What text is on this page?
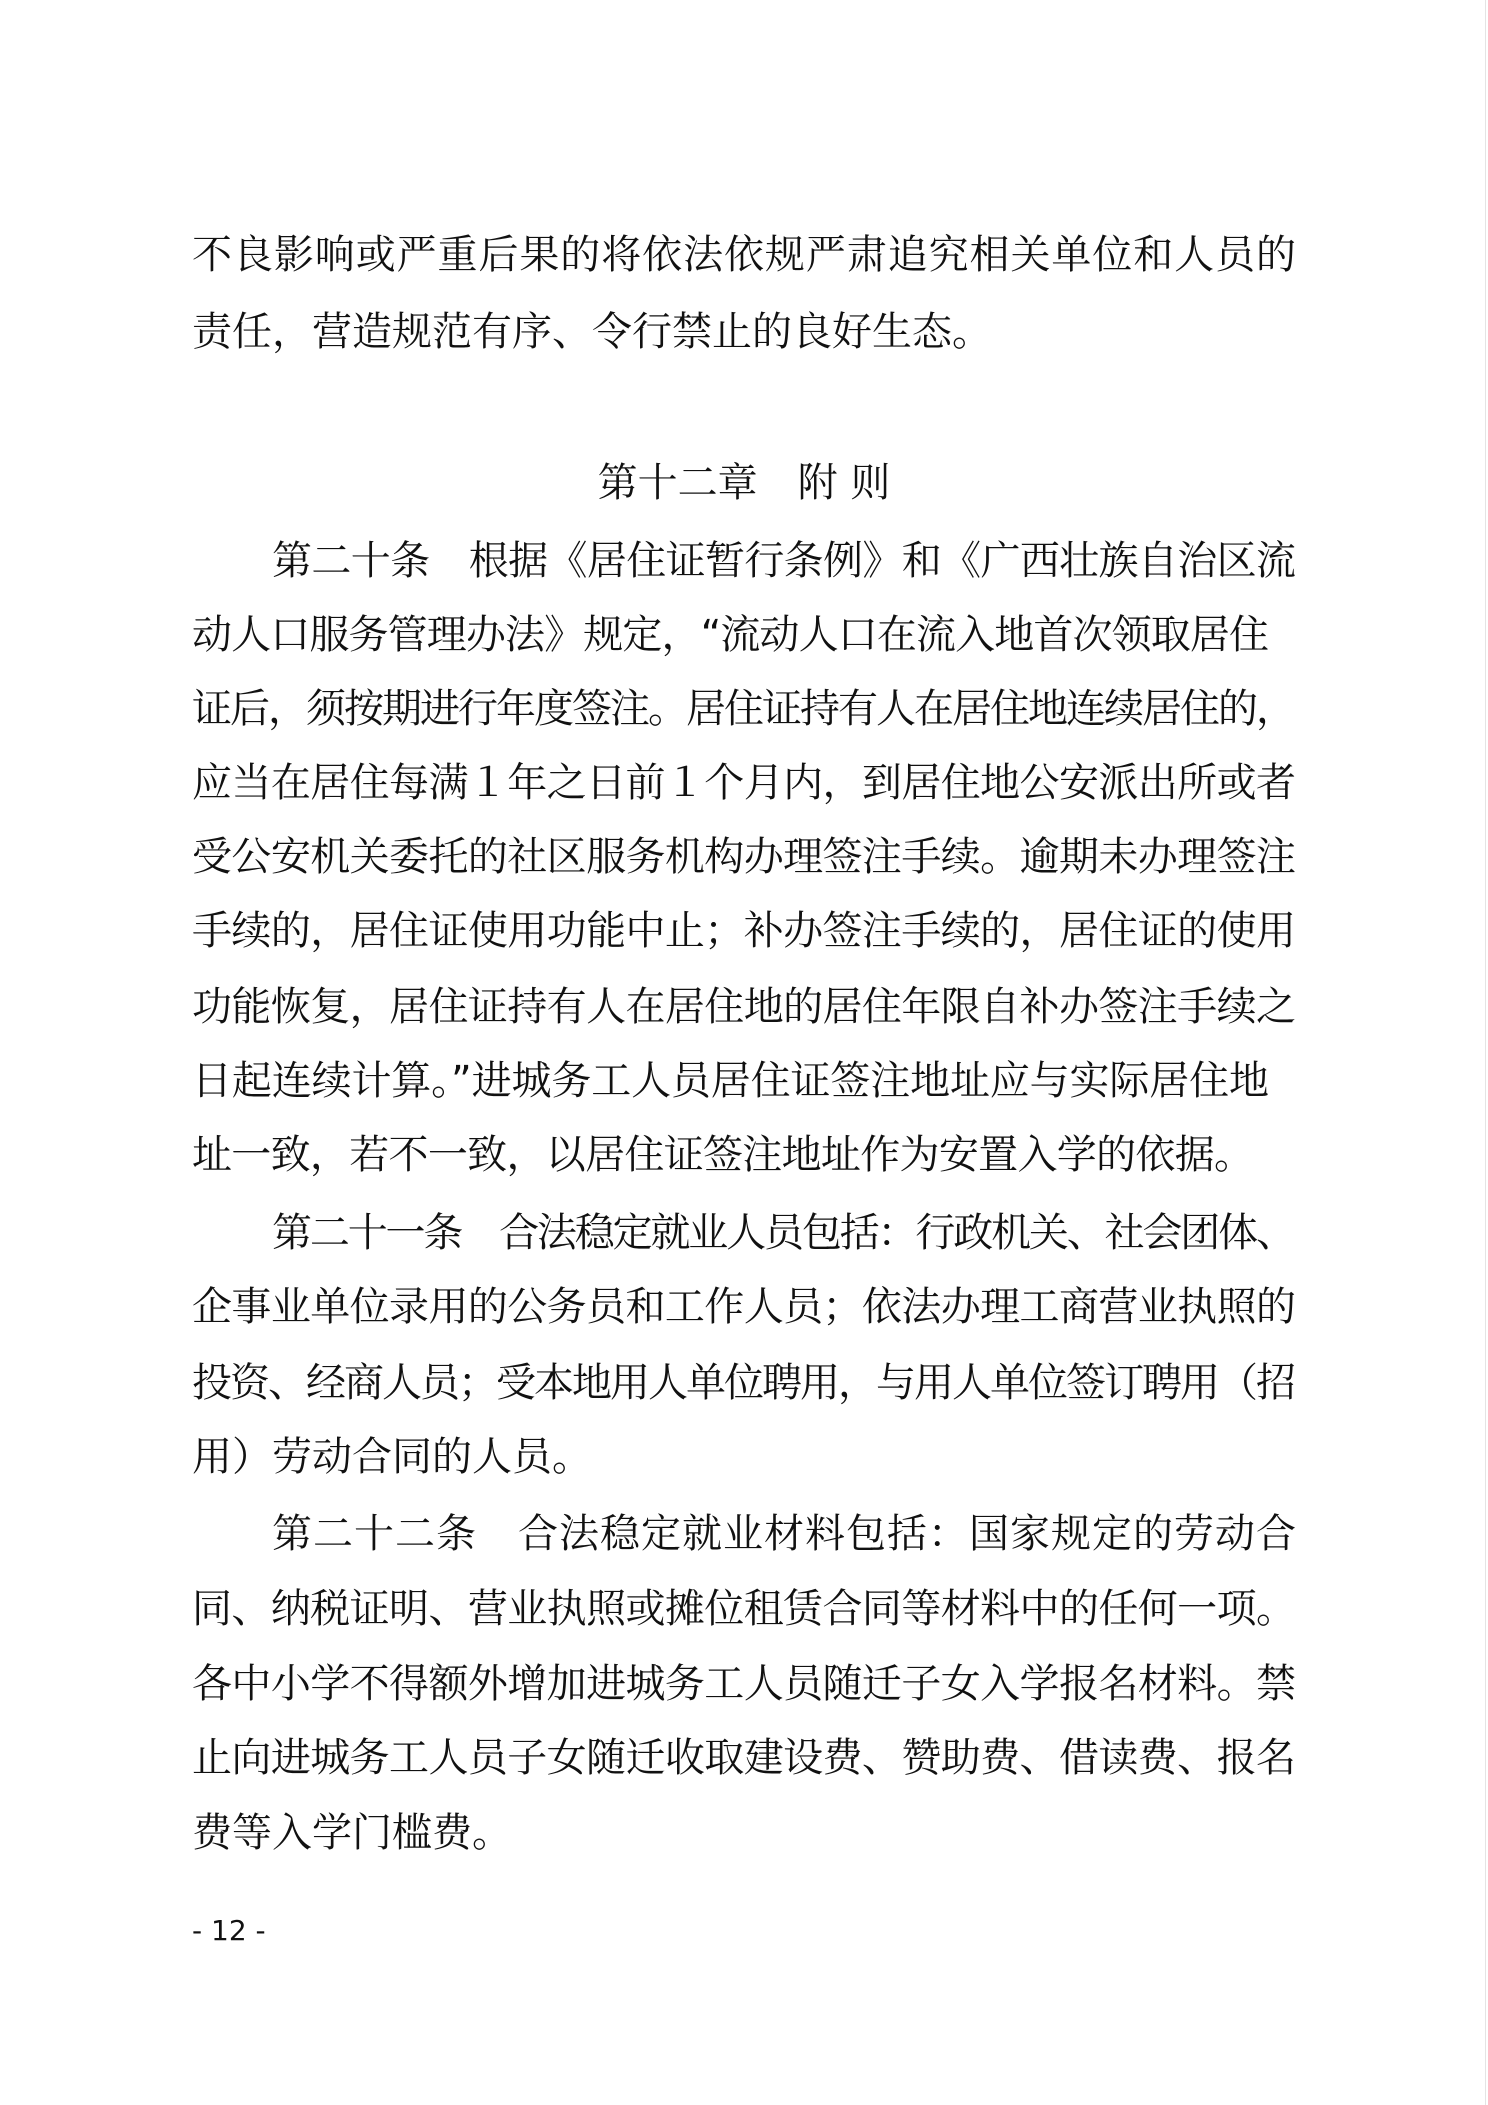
不良影响或严重后果的将依法依规严肃追究相关单位和人员的
责任，营造规范有序、令行禁止的良好生态。
第十二章　附 则
第二十条　根据《居住证暂行条例》和《广西壮族自治区流
动人口服务管理办法》规定，“流动人口在流入地首次领取居住
证后，须按期进行年度签注。居住证持有人在居住地连续居住的，
应当在居住每满１年之日前１个月内，到居住地公安派出所或者
受公安机关委托的社区服务机构办理签注手续。逾期未办理签注
手续的，居住证使用功能中止；补办签注手续的，居住证的使用
功能恢复，居住证持有人在居住地的居住年限自补办签注手续之
日起连续计算。”进城务工人员居住证签注地址应与实际居住地
址一致，若不一致，以居住证签注地址作为安置入学的依据。
第二十一条　合法稳定就业人员包括：行政机关、社会团体、
企事业单位录用的公务员和工作人员；依法办理工商营业执照的
投资、经商人员；受本地用人单位聘用，与用人单位签订聘用（招
用）劳动合同的人员。
第二十二条　合法稳定就业材料包括：国家规定的劳动合
同、纳税证明、营业执照或摊位租赁合同等材料中的任何一项。
各中小学不得额外增加进城务工人员随迁子女入学报名材料。禁
止向进城务工人员子女随迁收取建设费、赞助费、借读费、报名
费等入学门槛费。
- 12 -
